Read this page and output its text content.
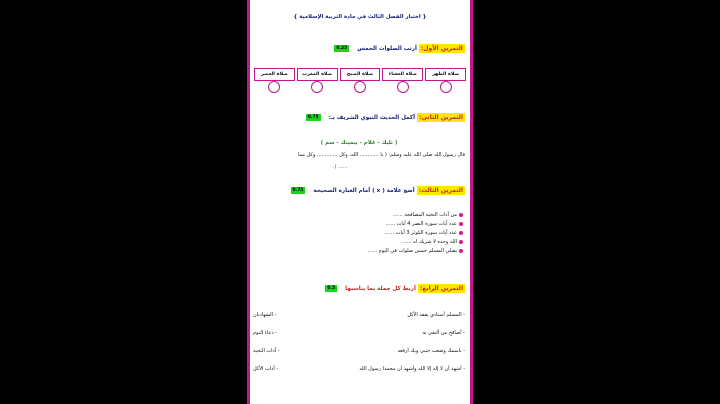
{ اختبار الفصل الثالث في مادة التربية الإسلامية }
التمرين الأول:
أرتب الصلوات الخمس
0.25
صلاة الظهر
صلاة العشاء
صلاة الصبح
صلاة المغرب
صلاة العصر
التمرين الثاني:
أكمل الحديث النبوي الشريف بـ:
0.75
( تليك - غلام - بيمينك - سم )
قال رسول الله صلى الله عليه وسلم: ( يا ............ الله، وكل ............. وكل مما
...... ).
التمرين الثالث:
أضع علامة ( x ) أمام العبارة الصحيحة
0.75
من آداب التحية المصافحة ......
عدد آيات سورة النصر 4 آيات ......
عدد آيات سورة الكوثر 3 آيات ......
الله وحده لا شريك له ......
يصلي المسلم خمس صلوات في اليوم ......
التمرين الرابع:
أربط كل جملة بما يناسبها
0.5
- المسلم أستاذي يفقد الأكل
- الشهادتان
- أصافح من ألتقي به
- دعاء النوم
- باسمك وضعت جنبي وبك أرفعه
- آداب التحية
- أشهد أن لا إله إلا الله وأشهد أن محمدا رسول الله
- آداب الأكل
